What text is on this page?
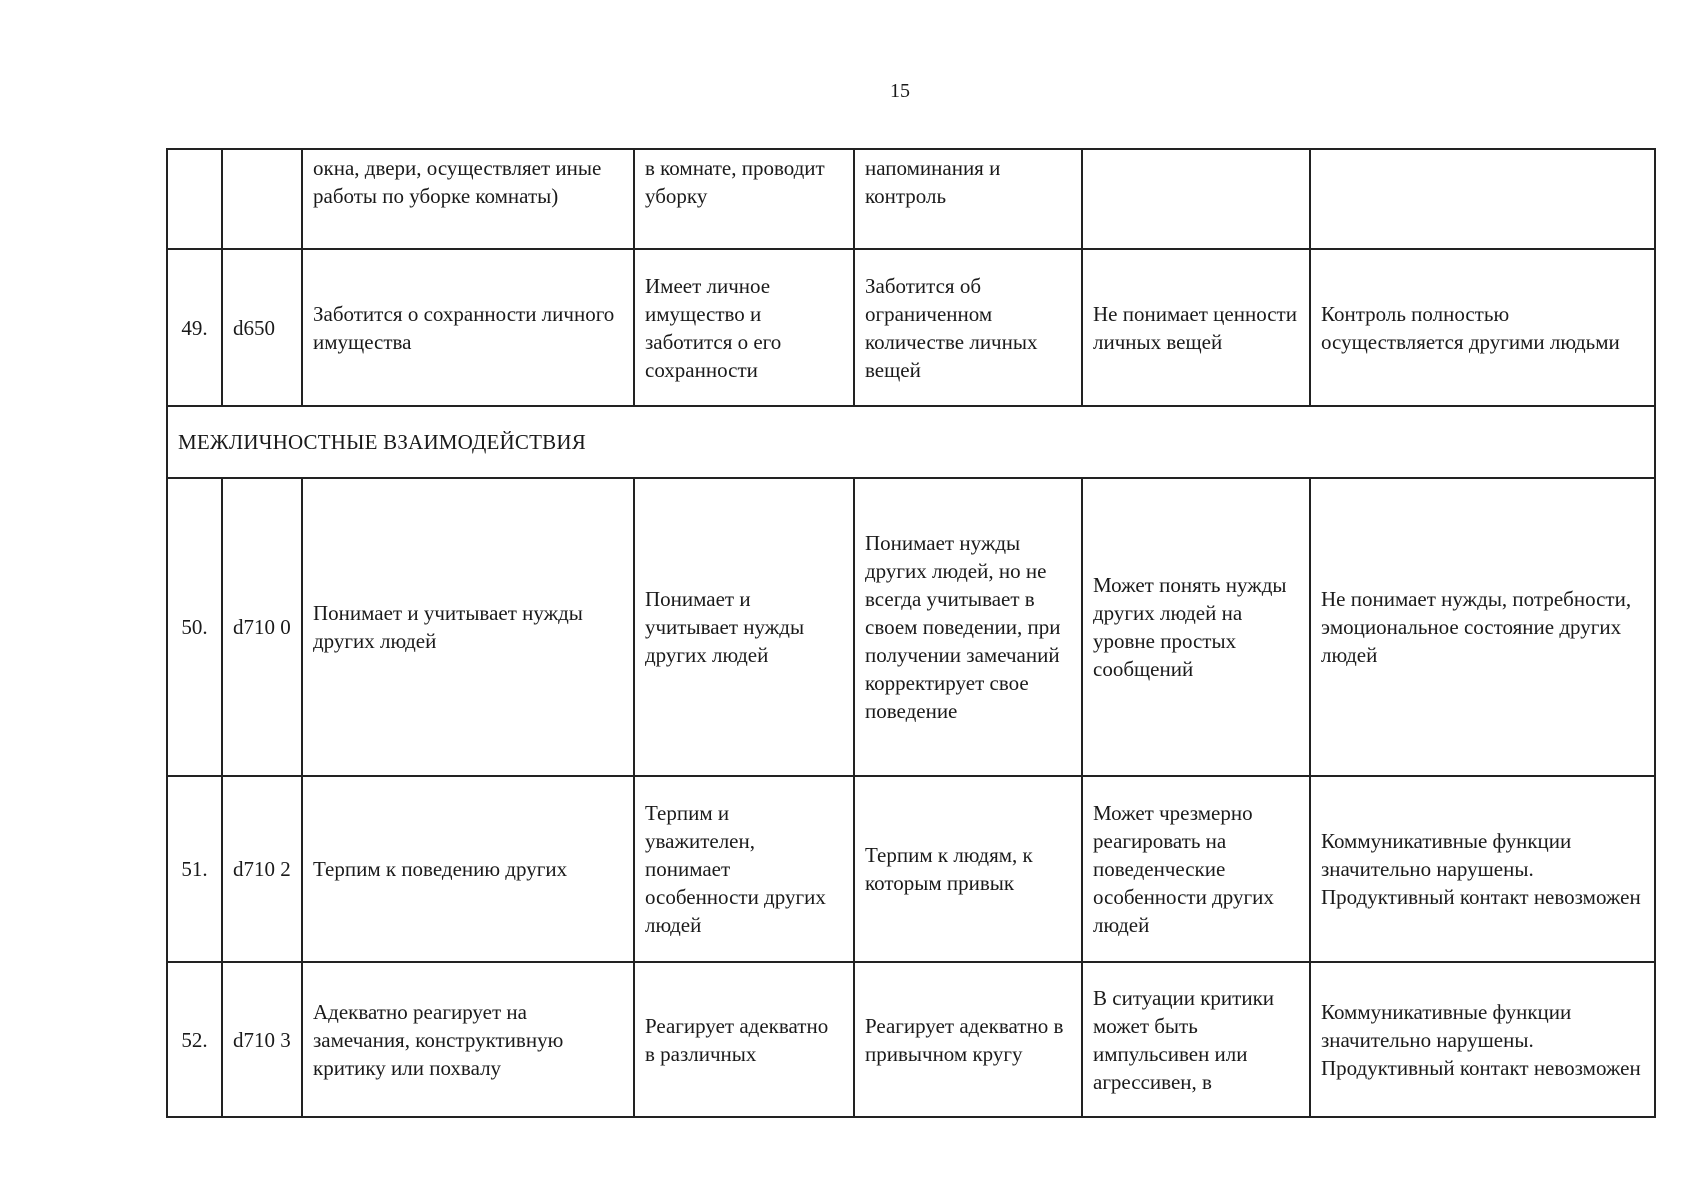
15
		окна, двери, осуществляет иные работы по уборке комнаты)	в комнате, проводит уборку	напоминания и контроль		
49.	d650	Заботится о сохранности личного имущества	Имеет личное имущество и заботится о его сохранности	Заботится об ограниченном количестве личных вещей	Не понимает ценности личных вещей	Контроль полностью осуществляется другими людьми
МЕЖЛИЧНОСТНЫЕ ВЗАИМОДЕЙСТВИЯ						
50.	d710 0	Понимает и учитывает нужды других людей	Понимает и учитывает нужды других людей	Понимает нужды других людей, но не всегда учитывает в своем поведении, при получении замечаний корректирует свое поведение	Может понять нужды других людей на уровне простых сообщений	Не понимает нужды, потребности, эмоциональное состояние других людей
51.	d710 2	Терпим к поведению других	Терпим и уважителен, понимает особенности других людей	Терпим к людям, к которым привык	Может чрезмерно реагировать на поведенческие особенности других людей	Коммуникативные функции значительно нарушены. Продуктивный контакт невозможен
52.	d710 3	Адекватно реагирует на замечания, конструктивную критику или похвалу	Реагирует адекватно в различных	Реагирует адекватно в привычном кругу	В ситуации критики может быть импульсивен или агрессивен, в	Коммуникативные функции значительно нарушены. Продуктивный контакт невозможен
